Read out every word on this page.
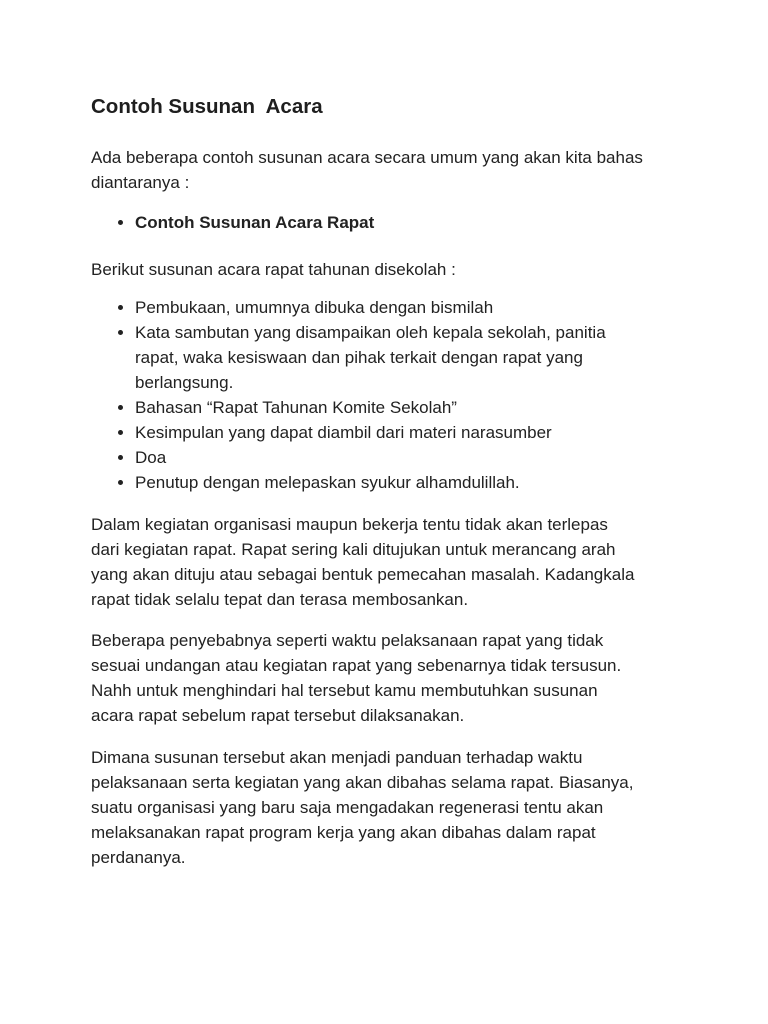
Contoh Susunan  Acara
Ada beberapa contoh susunan acara secara umum yang akan kita bahas
diantaranya :
Contoh Susunan Acara Rapat
Berikut susunan acara rapat tahunan disekolah :
Pembukaan, umumnya dibuka dengan bismilah
Kata sambutan yang disampaikan oleh kepala sekolah, panitia
rapat, waka kesiswaan dan pihak terkait dengan rapat yang
berlangsung.
Bahasan “Rapat Tahunan Komite Sekolah”
Kesimpulan yang dapat diambil dari materi narasumber
Doa
Penutup dengan melepaskan syukur alhamdulillah.
Dalam kegiatan organisasi maupun bekerja tentu tidak akan terlepas
dari kegiatan rapat. Rapat sering kali ditujukan untuk merancang arah
yang akan dituju atau sebagai bentuk pemecahan masalah. Kadangkala
rapat tidak selalu tepat dan terasa membosankan.
Beberapa penyebabnya seperti waktu pelaksanaan rapat yang tidak
sesuai undangan atau kegiatan rapat yang sebenarnya tidak tersusun.
Nahh untuk menghindari hal tersebut kamu membutuhkan susunan
acara rapat sebelum rapat tersebut dilaksanakan.
Dimana susunan tersebut akan menjadi panduan terhadap waktu
pelaksanaan serta kegiatan yang akan dibahas selama rapat. Biasanya,
suatu organisasi yang baru saja mengadakan regenerasi tentu akan
melaksanakan rapat program kerja yang akan dibahas dalam rapat
perdananya.
